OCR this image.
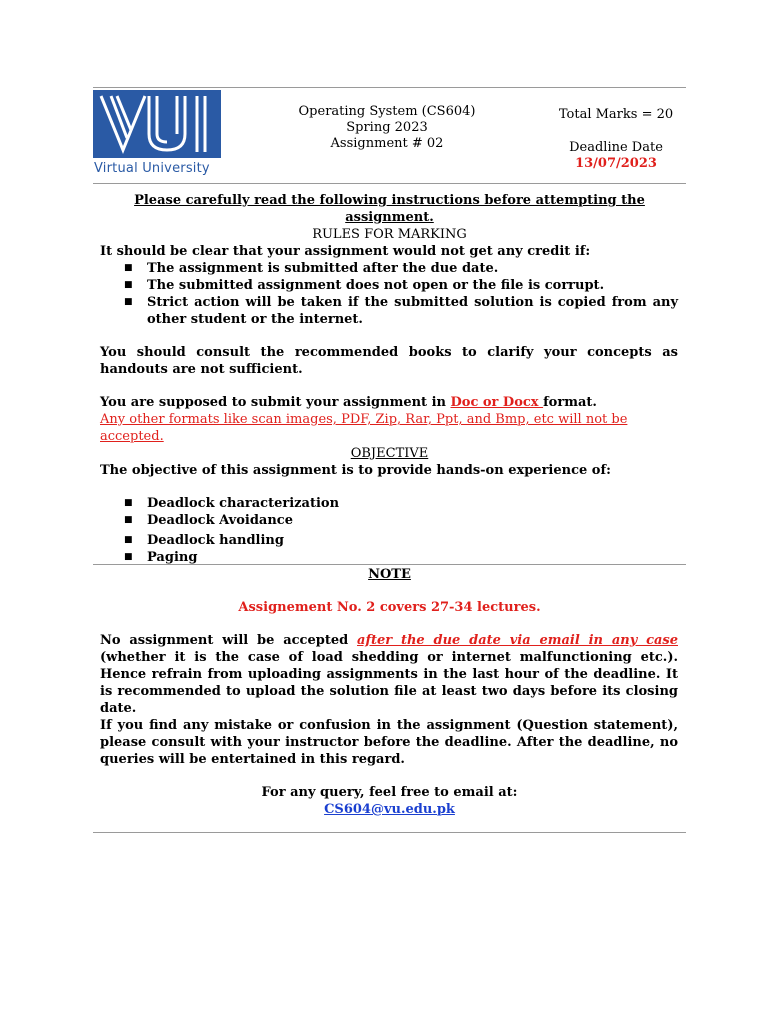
Virtual University
Operating System (CS604)
Spring 2023
Assignment # 02
Total Marks = 20
Deadline Date
13/07/2023
Please carefully read the following instructions before attempting the assignment.
RULES FOR MARKING
It should be clear that your assignment would not get any credit if:
■ The assignment is submitted after the due date.
■ The submitted assignment does not open or the file is corrupt.
■ Strict action will be taken if the submitted solution is copied from any other student or the internet.
You should consult the recommended books to clarify your concepts as handouts are not sufficient.
You are supposed to submit your assignment in Doc or Docx format.
Any other formats like scan images, PDF, Zip, Rar, Ppt, and Bmp, etc will not be accepted.
OBJECTIVE
The objective of this assignment is to provide hands-on experience of:
■ Deadlock characterization
■ Deadlock Avoidance
■ Deadlock handling
■ Paging
NOTE
Assignement No. 2 covers 27-34 lectures.
No assignment will be accepted after the due date via email in any case (whether it is the case of load shedding or internet malfunctioning etc.). Hence refrain from uploading assignments in the last hour of the deadline. It is recommended to upload the solution file at least two days before its closing date.
If you find any mistake or confusion in the assignment (Question statement), please consult with your instructor before the deadline. After the deadline, no queries will be entertained in this regard.
For any query, feel free to email at:
CS604@vu.edu.pk
